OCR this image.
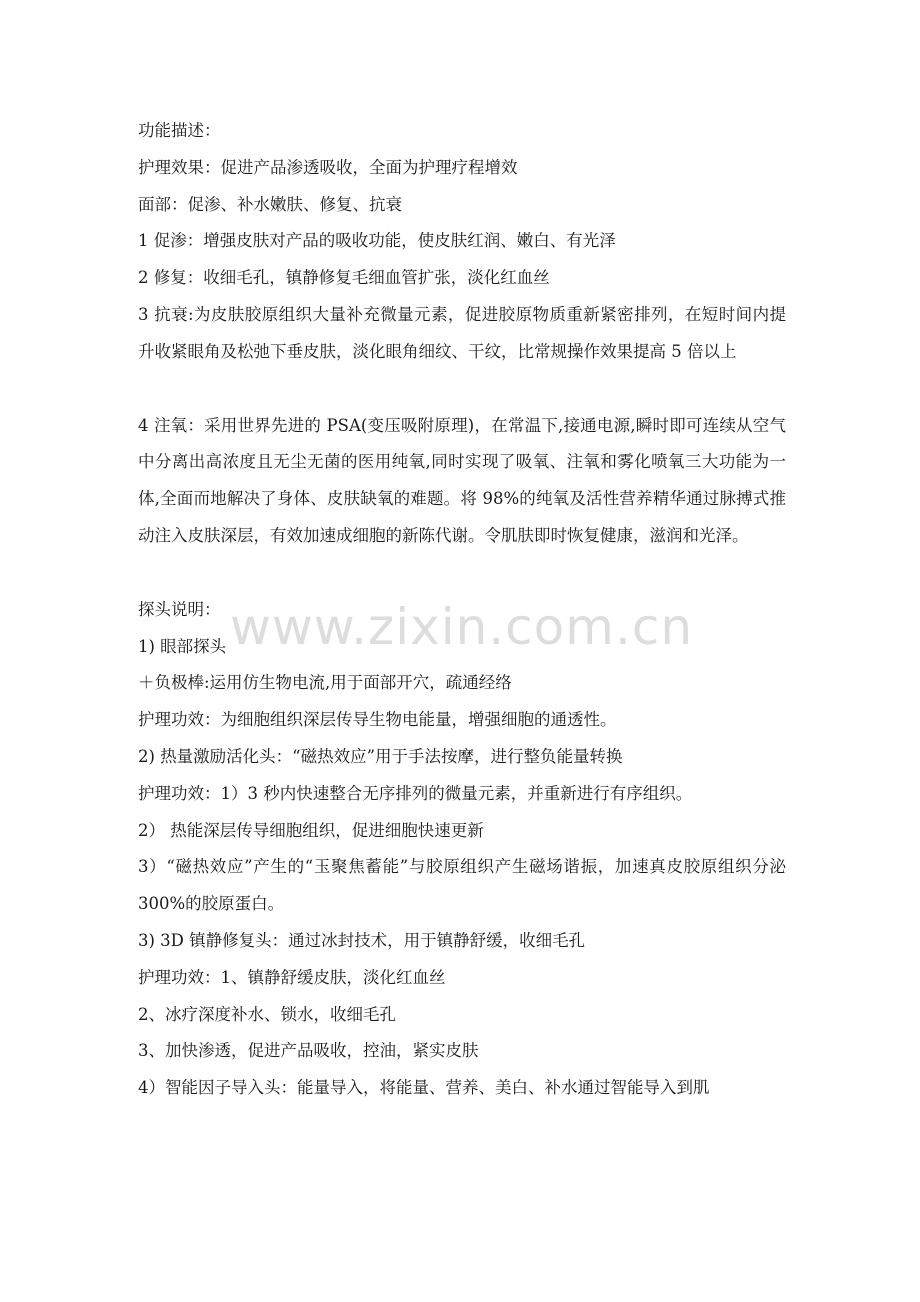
功能描述：
护理效果：促进产品渗透吸收，全面为护理疗程增效
面部：促渗、补水嫩肤、修复、抗衰
1 促渗：增强皮肤对产品的吸收功能，使皮肤红润、嫩白、有光泽
2 修复：收细毛孔，镇静修复毛细血管扩张，淡化红血丝
3 抗衰:为皮肤胶原组织大量补充微量元素，促进胶原物质重新紧密排列，在短时间内提升收紧眼角及松弛下垂皮肤，淡化眼角细纹、干纹，比常规操作效果提高 5 倍以上
4 注氧：采用世界先进的 PSA(变压吸附原理)，在常温下,接通电源,瞬时即可连续从空气中分离出高浓度且无尘无菌的医用纯氧,同时实现了吸氧、注氧和雾化喷氧三大功能为一体,全面而地解决了身体、皮肤缺氧的难题。将 98%的纯氧及活性营养精华通过脉搏式推动注入皮肤深层，有效加速成细胞的新陈代谢。令肌肤即时恢复健康，滋润和光泽。
探头说明：
1) 眼部探头
＋负极棒:运用仿生物电流,用于面部开穴，疏通经络
护理功效：为细胞组织深层传导生物电能量，增强细胞的通透性。
2) 热量激励活化头：“磁热效应”用于手法按摩，进行整负能量转换
护理功效：1）3 秒内快速整合无序排列的微量元素，并重新进行有序组织。
2） 热能深层传导细胞组织，促进细胞快速更新
3）“磁热效应”产生的“玉聚焦蓄能”与胶原组织产生磁场谐振，加速真皮胶原组织分泌 300%的胶原蛋白。
3) 3D 镇静修复头：通过冰封技术，用于镇静舒缓，收细毛孔
护理功效：1、镇静舒缓皮肤，淡化红血丝
2、冰疗深度补水、锁水，收细毛孔
3、加快渗透，促进产品吸收，控油，紧实皮肤
4）智能因子导入头：能量导入，将能量、营养、美白、补水通过智能导入到肌
www.zixin.com.cn
